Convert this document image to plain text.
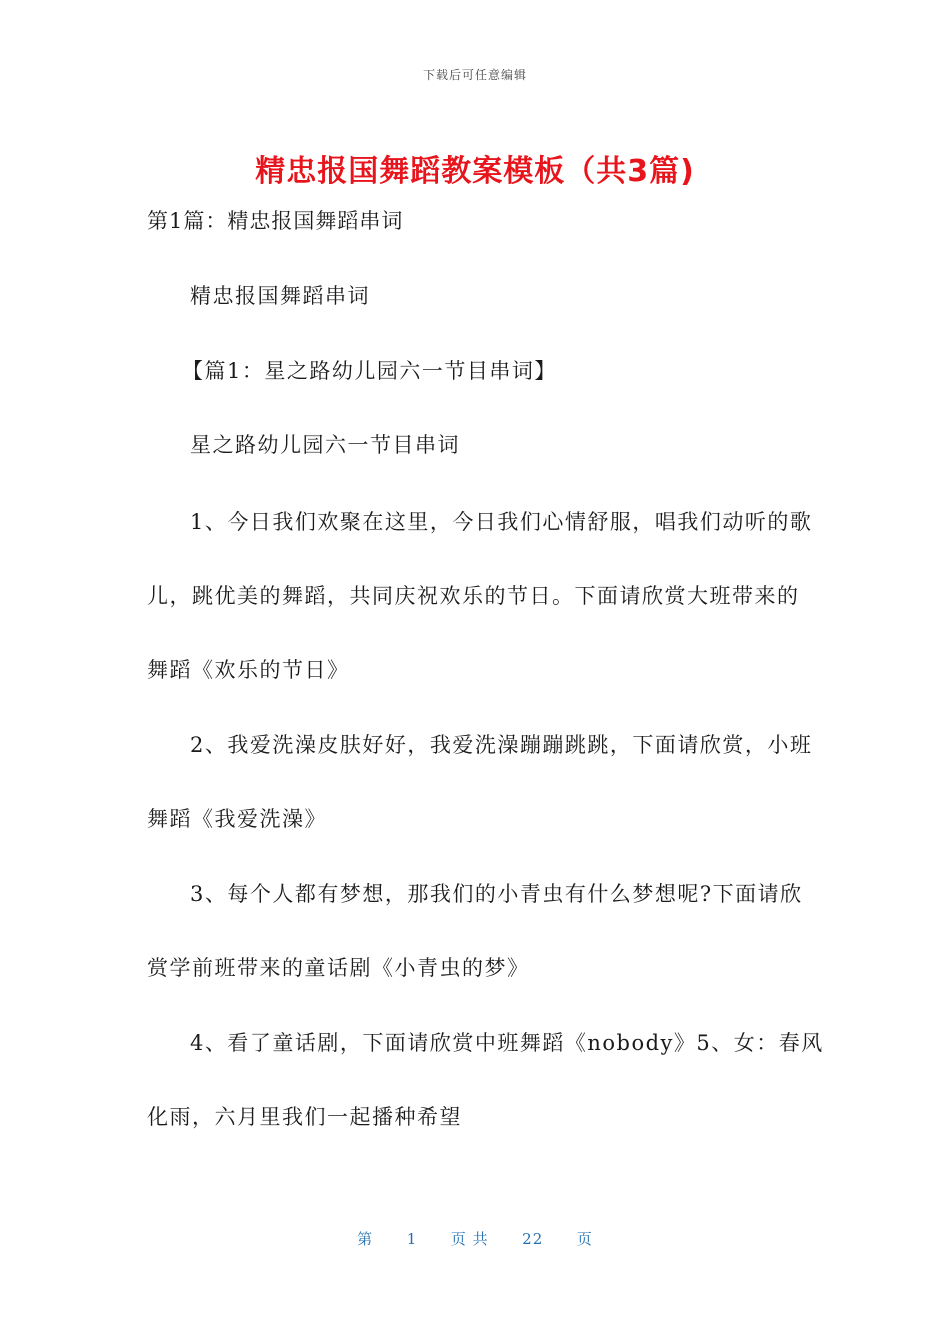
下载后可任意编辑
精忠报国舞蹈教案模板（共3篇)
第1篇：精忠报国舞蹈串词

精忠报国舞蹈串词

【篇1：星之路幼儿园六一节目串词】

星之路幼儿园六一节目串词

1、今日我们欢聚在这里，今日我们心情舒服，唱我们动听的歌
儿，跳优美的舞蹈，共同庆祝欢乐的节日。下面请欣赏大班带来的
舞蹈《欢乐的节日》

2、我爱洗澡皮肤好好，我爱洗澡蹦蹦跳跳，下面请欣赏，小班
舞蹈《我爱洗澡》

3、每个人都有梦想，那我们的小青虫有什么梦想呢?下面请欣
赏学前班带来的童话剧《小青虫的梦》

4、看了童话剧，下面请欣赏中班舞蹈《nobody》5、女：春风
化雨，六月里我们一起播种希望

第 1 页 共 22 页
